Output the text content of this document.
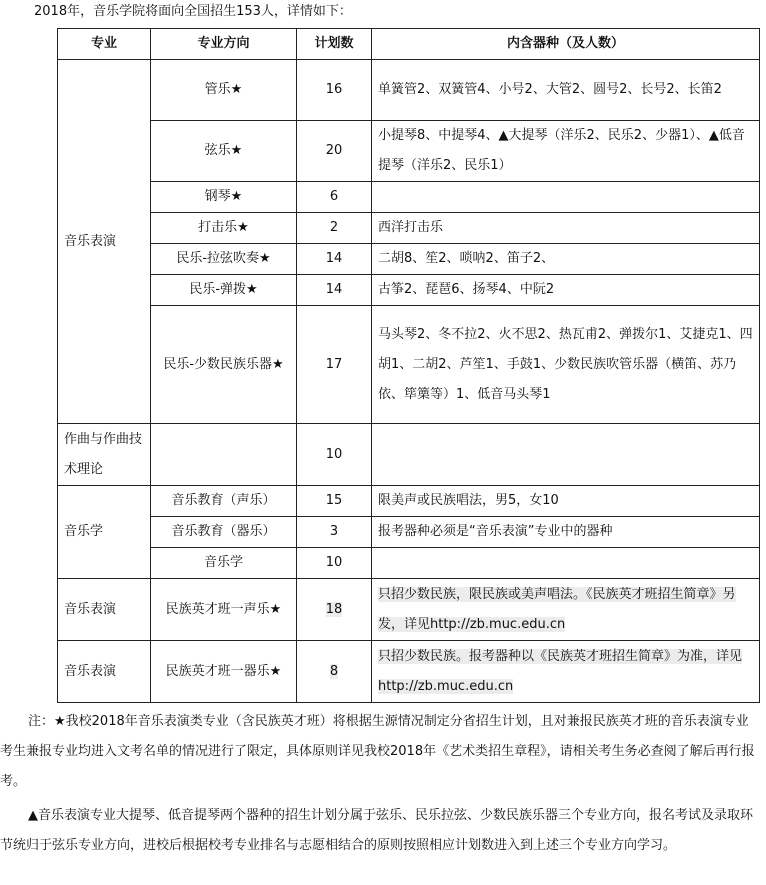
2018年，音乐学院将面向全国招生153人，详情如下：
专业	专业方向	计划数	内含器种（及人数）
音乐表演	管乐★	16	单簧管2、双簧管4、小号2、大管2、圆号2、长号2、长笛2
	弦乐★	20	小提琴8、中提琴4、▲大提琴（洋乐2、民乐2、少器1）、▲低音提琴（洋乐2、民乐1）
	钢琴★	6	
	打击乐★	2	西洋打击乐
	民乐-拉弦吹奏★	14	二胡8、笙2、唢呐2、笛子2、
	民乐-弹拨★	14	古筝2、琵琶6、扬琴4、中阮2
	民乐-少数民族乐器★	17	马头琴2、冬不拉2、火不思2、热瓦甫2、弹拨尔1、艾捷克1、四胡1、二胡2、芦笙1、手鼓1、少数民族吹管乐器（横笛、苏乃依、筚篥等）1、低音马头琴1
作曲与作曲技术理论		10	
音乐学	音乐教育（声乐）	15	限美声或民族唱法，男5，女10
	音乐教育（器乐）	3	报考器种必须是“音乐表演”专业中的器种
	音乐学	10	
音乐表演	民族英才班一声乐★	18	只招少数民族，限民族或美声唱法。《民族英才班招生简章》另发，详见http://zb.muc.edu.cn
音乐表演	民族英才班一器乐★	8	只招少数民族。报考器种以《民族英才班招生简章》为准，详见http://zb.muc.edu.cn

注：★我校2018年音乐表演类专业（含民族英才班）将根据生源情况制定分省招生计划，且对兼报民族英才班的音乐表演专业考生兼报专业均进入文考名单的情况进行了限定，具体原则详见我校2018年《艺术类招生章程》，请相关考生务必查阅了解后再行报考。

▲音乐表演专业大提琴、低音提琴两个器种的招生计划分属于弦乐、民乐拉弦、少数民族乐器三个专业方向，报名考试及录取环节统归于弦乐专业方向，进校后根据校考专业排名与志愿相结合的原则按照相应计划数进入到上述三个专业方向学习。
